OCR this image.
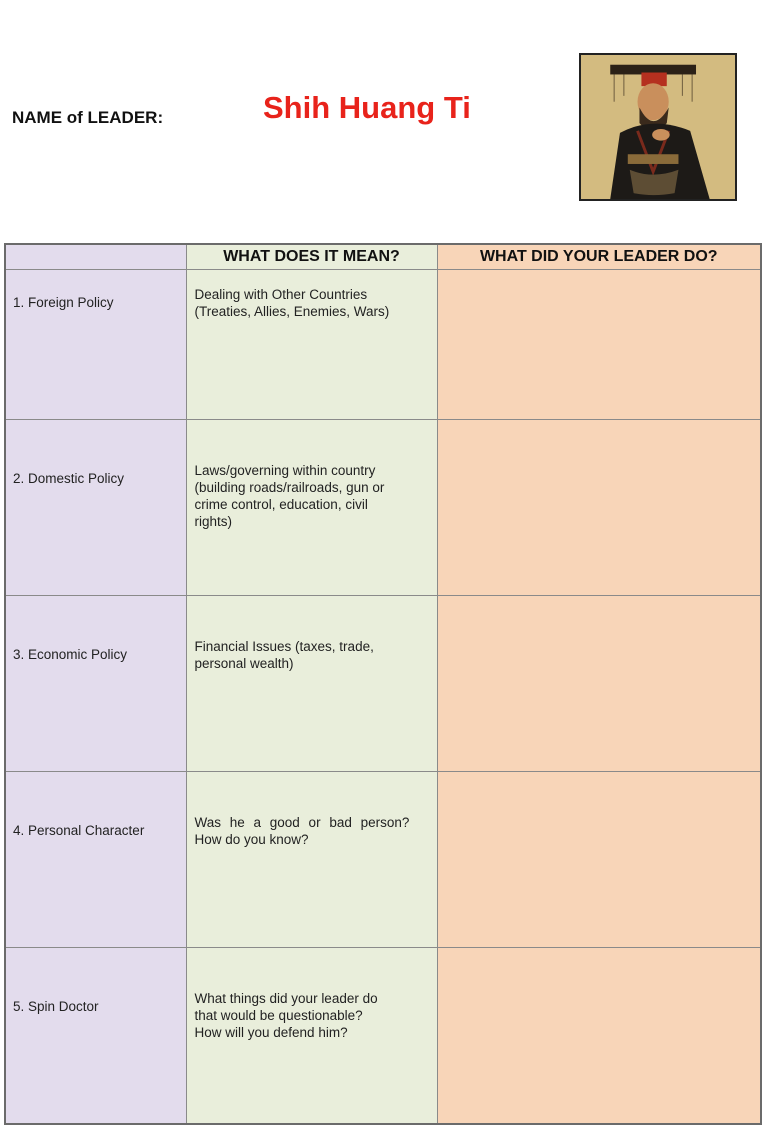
NAME of LEADER:	Shih Huang Ti
	WHAT DOES IT MEAN?	WHAT DID YOUR LEADER DO?
1. Foreign Policy	Dealing with Other Countries
(Treaties, Allies, Enemies, Wars)	

2. Domestic Policy	Laws/governing within country
(building roads/railroads, gun or
crime control, education, civil
rights)	

3. Economic Policy	Financial Issues (taxes, trade,
personal wealth)	

4. Personal Character	Was he a good or bad person?
How do you know?	

5. Spin Doctor	What things did your leader do
that would be questionable?
How will you defend him?	
